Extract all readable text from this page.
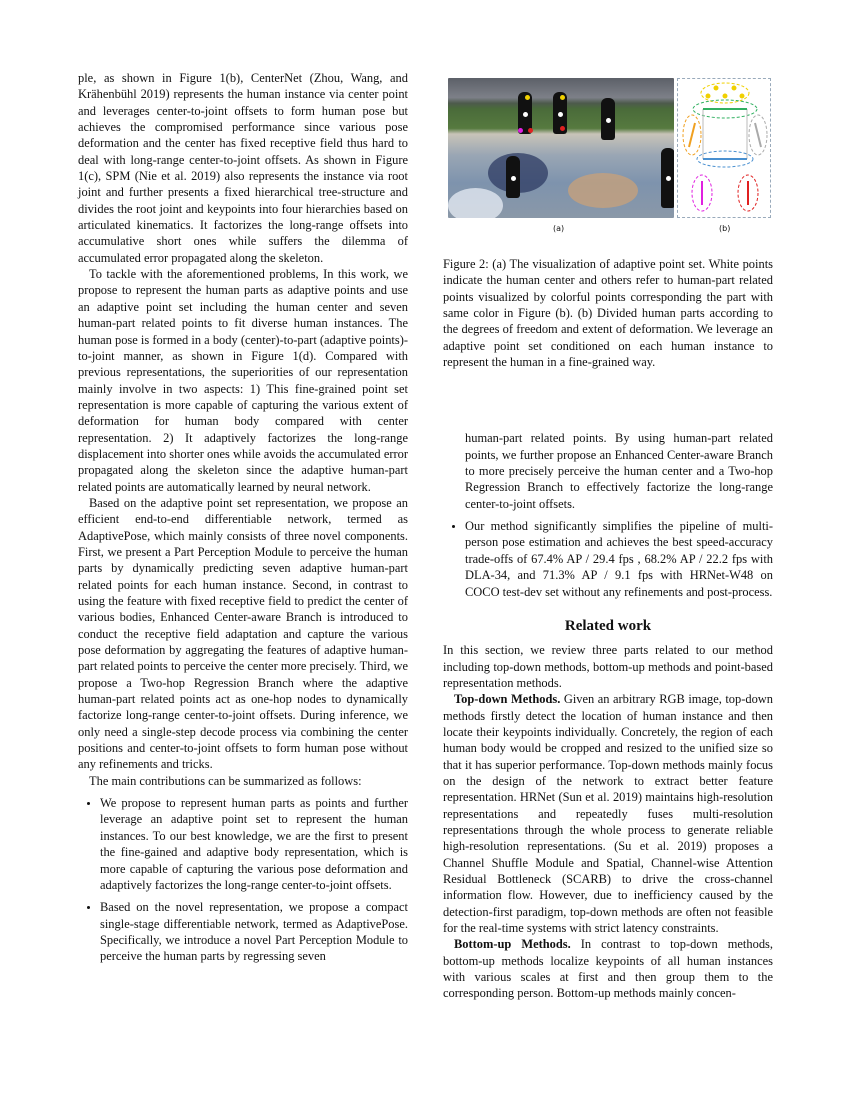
ple, as shown in Figure 1(b), CenterNet (Zhou, Wang, and Krähenbühl 2019) represents the human instance via center point and leverages center-to-joint offsets to form human pose but achieves the compromised performance since various pose deformation and the center has fixed receptive field thus hard to deal with long-range center-to-joint offsets. As shown in Figure 1(c), SPM (Nie et al. 2019) also represents the instance via root joint and further presents a fixed hierarchical tree-structure and divides the root joint and keypoints into four hierarchies based on articulated kinematics. It factorizes the long-range offsets into accumulative short ones while suffers the dilemma of accumulated error propagated along the skeleton.

To tackle with the aforementioned problems, In this work, we propose to represent the human parts as adaptive points and use an adaptive point set including the human center and seven human-part related points to fit diverse human instances. The human pose is formed in a body (center)-to-part (adaptive points)-to-joint manner, as shown in Figure 1(d). Compared with previous representations, the superiorities of our representation mainly involve in two aspects: 1) This fine-grained point set representation is more capable of capturing the various extent of deformation for human body compared with center representation. 2) It adaptively factorizes the long-range displacement into shorter ones while avoids the accumulated error propagated along the skeleton since the adaptive human-part related points are automatically learned by neural network.

Based on the adaptive point set representation, we propose an efficient end-to-end differentiable network, termed as AdaptivePose, which mainly consists of three novel components. First, we present a Part Perception Module to perceive the human parts by dynamically predicting seven adaptive human-part related points for each human instance. Second, in contrast to using the feature with fixed receptive field to predict the center of various bodies, Enhanced Center-aware Branch is introduced to conduct the receptive field adaptation and capture the various pose deformation by aggregating the features of adaptive human-part related points to perceive the center more precisely. Third, we propose a Two-hop Regression Branch where the adaptive human-part related points act as one-hop nodes to dynamically factorize long-range center-to-joint offsets. During inference, we only need a single-step decode process via combining the center positions and center-to-joint offsets to form human pose without any refinements and tricks.

The main contributions can be summarized as follows:

• We propose to represent human parts as points and further leverage an adaptive point set to represent the human instances. To our best knowledge, we are the first to present the fine-gained and adaptive body representation, which is more capable of capturing the various pose deformation and adaptively factorizes the long-range center-to-joint offsets.
• Based on the novel representation, we propose a compact single-stage differentiable network, termed as AdaptivePose. Specifically, we introduce a novel Part Perception Module to perceive the human parts by regressing seven
(a)	(b)

Figure 2: (a) The visualization of adaptive point set. White points indicate the human center and others refer to human-part related points visualized by colorful points corresponding the part with same color in Figure (b). (b) Divided human parts according to the degrees of freedom and extent of deformation. We leverage an adaptive point set conditioned on each human instance to represent the human in a fine-grained way.

human-part related points. By using human-part related points, we further propose an Enhanced Center-aware Branch to more precisely perceive the human center and a Two-hop Regression Branch to effectively factorize the long-range center-to-joint offsets.
• Our method significantly simplifies the pipeline of multi-person pose estimation and achieves the best speed-accuracy trade-offs of 67.4% AP / 29.4 fps , 68.2% AP / 22.2 fps with DLA-34, and 71.3% AP / 9.1 fps with HRNet-W48 on COCO test-dev set without any refinements and post-process.
Related work

In this section, we review three parts related to our method including top-down methods, bottom-up methods and point-based representation methods.

Top-down Methods. Given an arbitrary RGB image, top-down methods firstly detect the location of human instance and then locate their keypoints individually. Concretely, the region of each human body would be cropped and resized to the unified size so that it has superior performance. Top-down methods mainly focus on the design of the network to extract better feature representation. HRNet (Sun et al. 2019) maintains high-resolution representations and repeatedly fuses multi-resolution representations through the whole process to generate reliable high-resolution representations. (Su et al. 2019) proposes a Channel Shuffle Module and Spatial, Channel-wise Attention Residual Bottleneck (SCARB) to drive the cross-channel information flow. However, due to inefficiency caused by the detection-first paradigm, top-down methods are often not feasible for the real-time systems with strict latency constraints.

Bottom-up Methods. In contrast to top-down methods, bottom-up methods localize keypoints of all human instances with various scales at first and then group them to the corresponding person. Bottom-up methods mainly concen-
